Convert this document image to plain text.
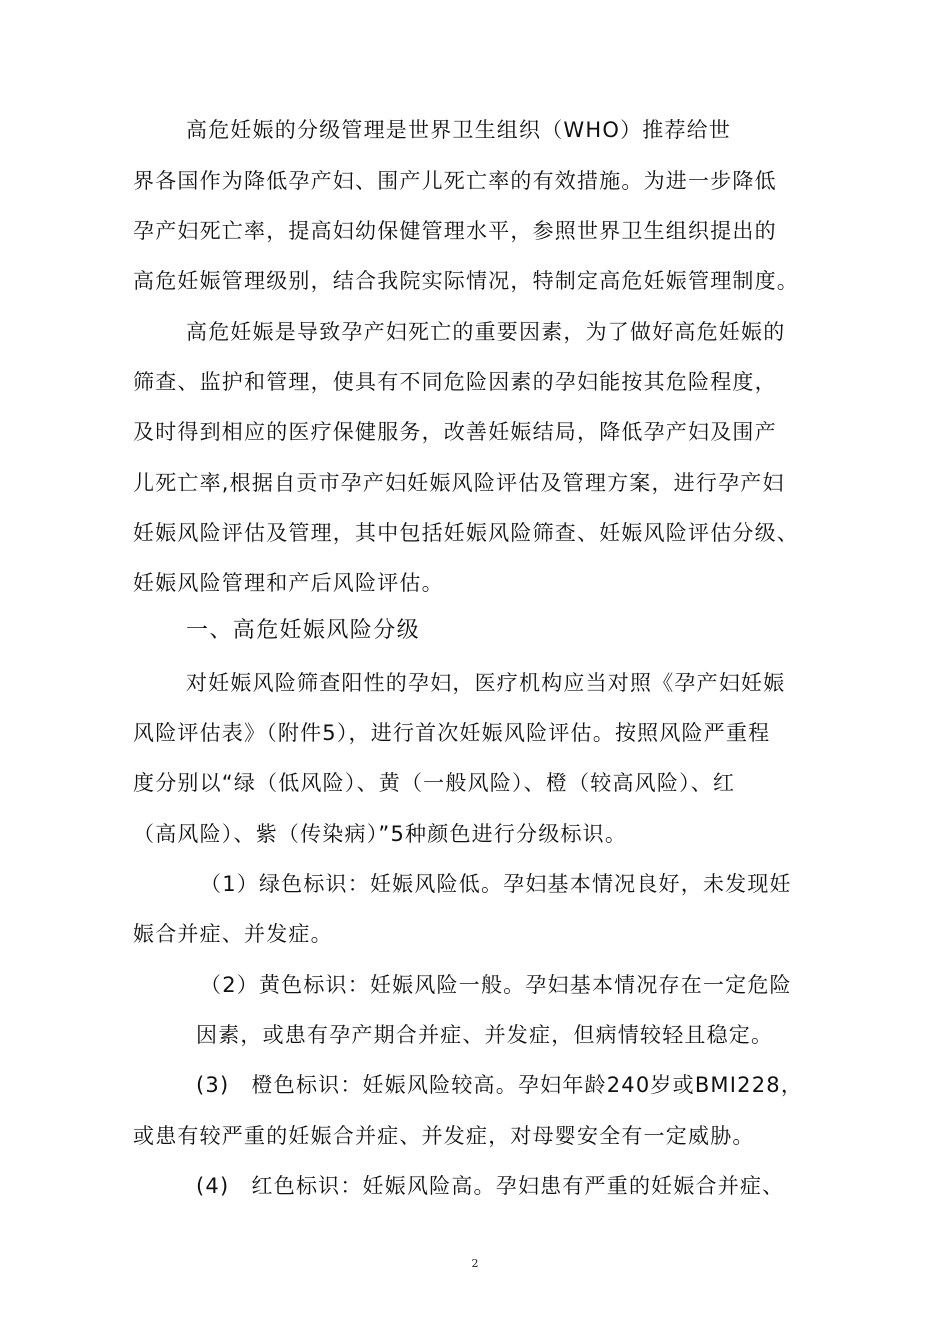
高危妊娠的分级管理是世界卫生组织（WHO）推荐给世
界各国作为降低孕产妇、围产儿死亡率的有效措施。为进一步降低
孕产妇死亡率，提高妇幼保健管理水平，参照世界卫生组织提出的
高危妊娠管理级别，结合我院实际情况，特制定高危妊娠管理制度。
高危妊娠是导致孕产妇死亡的重要因素，为了做好高危妊娠的
筛查、监护和管理，使具有不同危险因素的孕妇能按其危险程度，
及时得到相应的医疗保健服务，改善妊娠结局，降低孕产妇及围产
儿死亡率,根据自贡市孕产妇妊娠风险评估及管理方案，进行孕产妇
妊娠风险评估及管理，其中包括妊娠风险筛查、妊娠风险评估分级、
妊娠风险管理和产后风险评估。
一、高危妊娠风险分级
对妊娠风险筛查阳性的孕妇，医疗机构应当对照《孕产妇妊娠
风险评估表》（附件5），进行首次妊娠风险评估。按照风险严重程
度分别以“绿（低风险）、黄（一般风险）、橙（较高风险）、红
（高风险）、紫（传染病）”5种颜色进行分级标识。
（1）绿色标识：妊娠风险低。孕妇基本情况良好，未发现妊
娠合并症、并发症。
（2）黄色标识：妊娠风险一般。孕妇基本情况存在一定危险
因素，或患有孕产期合并症、并发症，但病情较轻且稳定。
(3)　橙色标识：妊娠风险较高。孕妇年龄240岁或BMI228，
或患有较严重的妊娠合并症、并发症，对母婴安全有一定威胁。
(4)　红色标识：妊娠风险高。孕妇患有严重的妊娠合并症、
2
